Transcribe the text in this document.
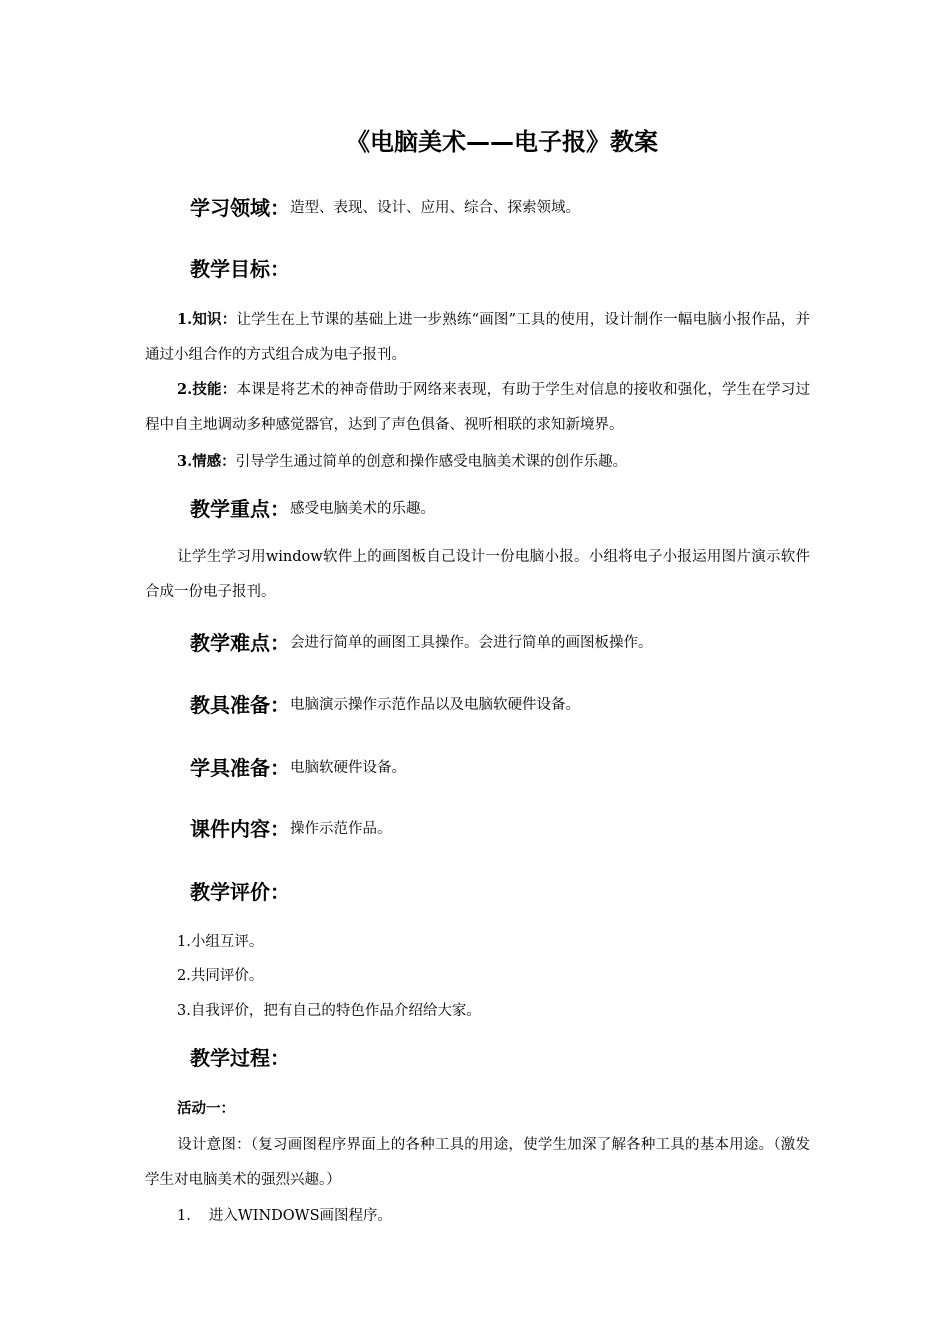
《电脑美术——电子报》教案
学习领域：造型、表现、设计、应用、综合、探索领域。
教学目标：
1.知识：让学生在上节课的基础上进一步熟练“画图”工具的使用，设计制作一幅电脑小报作品，并通过小组合作的方式组合成为电子报刊。
2.技能：本课是将艺术的神奇借助于网络来表现，有助于学生对信息的接收和强化，学生在学习过程中自主地调动多种感觉器官，达到了声色俱备、视听相联的求知新境界。
3.情感：引导学生通过简单的创意和操作感受电脑美术课的创作乐趣。
教学重点：感受电脑美术的乐趣。
让学生学习用window软件上的画图板自己设计一份电脑小报。小组将电子小报运用图片演示软件合成一份电子报刊。
教学难点：会进行简单的画图工具操作。会进行简单的画图板操作。
教具准备：电脑演示操作示范作品以及电脑软硬件设备。
学具准备：电脑软硬件设备。
课件内容：操作示范作品。
教学评价：
1.小组互评。
2.共同评价。
3.自我评价，把有自己的特色作品介绍给大家。
教学过程：
活动一：
设计意图：（复习画图程序界面上的各种工具的用途，使学生加深了解各种工具的基本用途。（激发学生对电脑美术的强烈兴趣。）
1. 进入WINDOWS画图程序。
